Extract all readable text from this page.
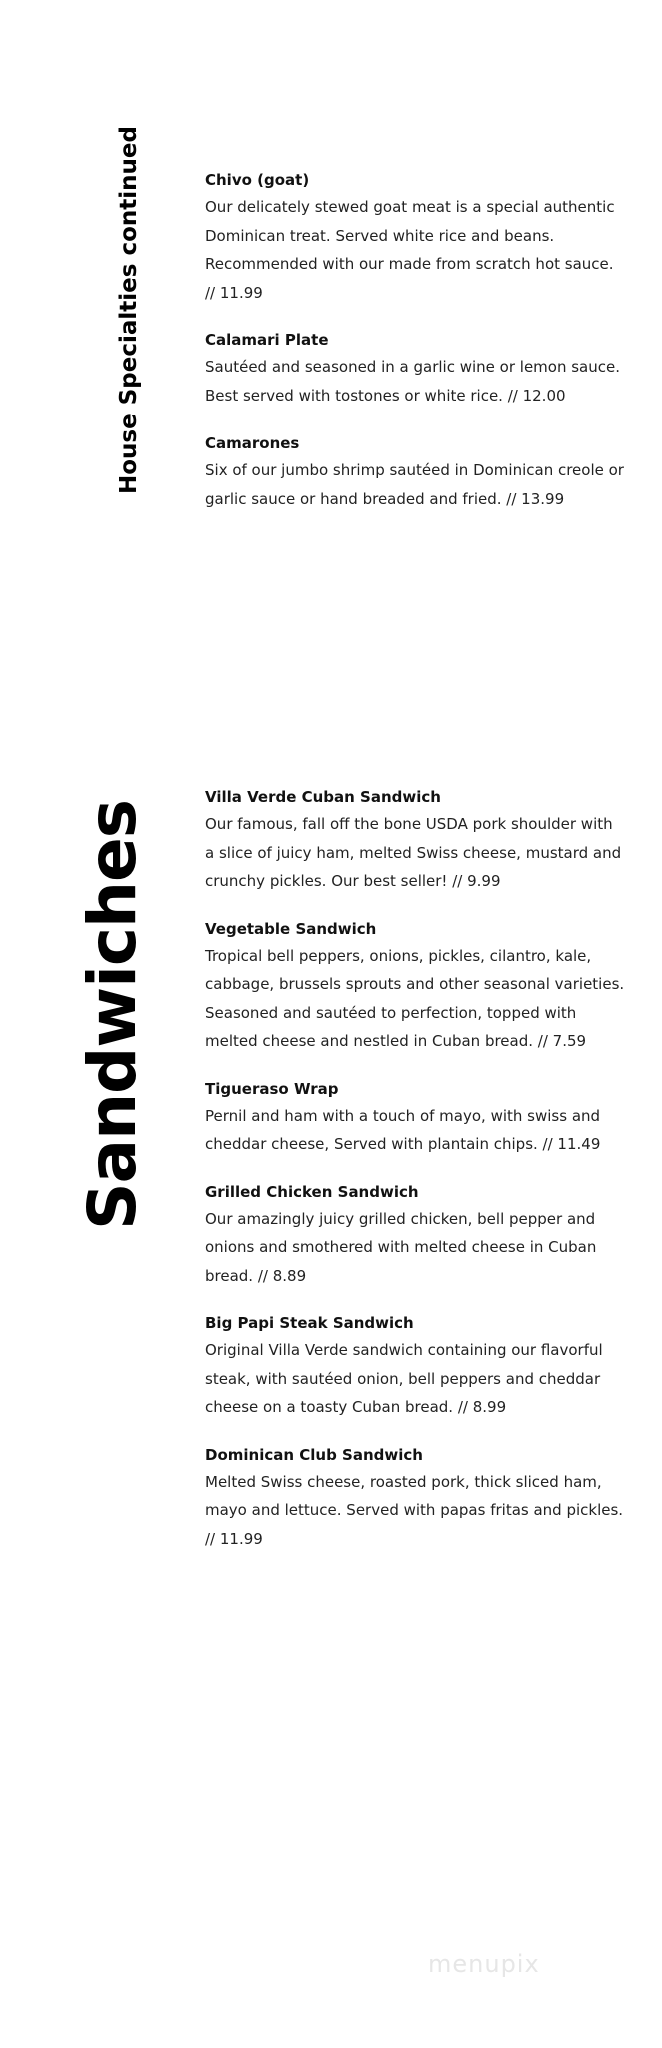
House Specialties continued	Chivo (goat)
Our delicately stewed goat meat is a special authentic Dominican treat. Served white rice and beans. Recommended with our made from scratch hot sauce. // 11.99
Calamari Plate
Sautéed and seasoned in a garlic wine or lemon sauce. Best served with tostones or white rice. // 12.00
Camarones
Six of our jumbo shrimp sautéed in Dominican creole or garlic sauce or hand breaded and fried. // 13.99
Sandwiches
Villa Verde Cuban Sandwich
Our famous, fall off the bone USDA pork shoulder with a slice of juicy ham, melted Swiss cheese, mustard and crunchy pickles. Our best seller! // 9.99
Vegetable Sandwich
Tropical bell peppers, onions, pickles, cilantro, kale, cabbage, brussels sprouts and other seasonal varieties. Seasoned and sautéed to perfection, topped with melted cheese and nestled in Cuban bread. // 7.59
Tigueraso Wrap
Pernil and ham with a touch of mayo, with swiss and cheddar cheese, Served with plantain chips. // 11.49
Grilled Chicken Sandwich
Our amazingly juicy grilled chicken, bell pepper and onions and smothered with melted cheese in Cuban bread. // 8.89
Big Papi Steak Sandwich
Original Villa Verde sandwich containing our flavorful steak, with sautéed onion, bell peppers and cheddar cheese on a toasty Cuban bread. // 8.99
Dominican Club Sandwich
Melted Swiss cheese, roasted pork, thick sliced ham, mayo and lettuce. Served with papas fritas and pickles. // 11.99
menupix
